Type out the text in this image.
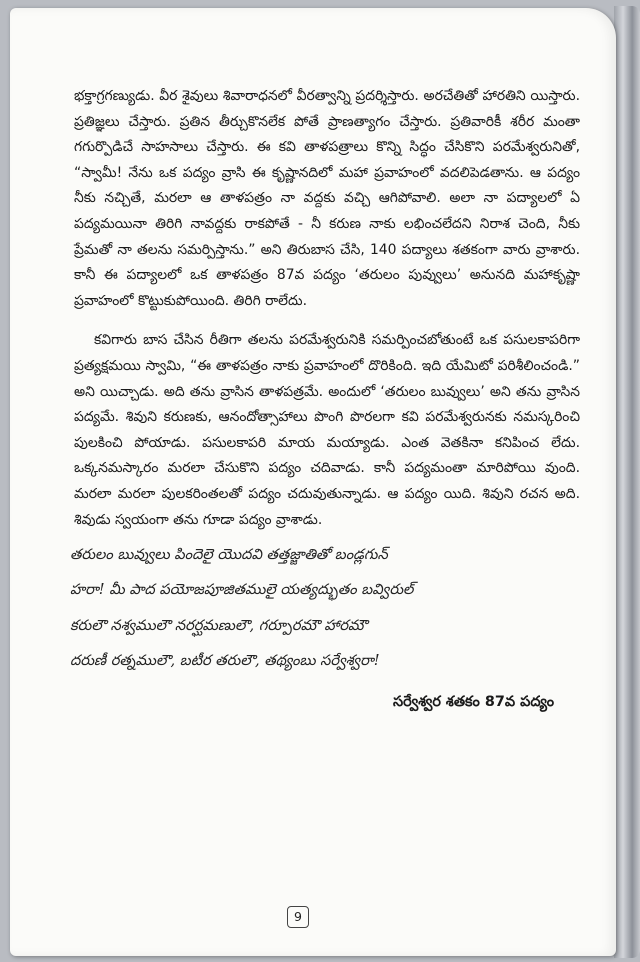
భక్తాగ్రగణ్యుడు. వీర శైవులు శివారాధనలో వీరత్వాన్ని ప్రదర్శిస్తారు. అరచేతితో హారతిని యిస్తారు. ప్రతిజ్ఞలు చేస్తారు. ప్రతిన తీర్చుకొనలేక పోతే ప్రాణత్యాగం చేస్తారు. ప్రతివారికీ శరీర మంతా గగుర్పొడిచే సాహసాలు చేస్తారు. ఈ కవి తాళపత్రాలు కొన్ని సిద్ధం చేసికొని పరమేశ్వరునితో, “స్వామీ! నేను ఒక పద్యం వ్రాసి ఈ కృష్ణానదిలో మహా ప్రవాహంలో వదలిపెడతాను. ఆ పద్యం నీకు నచ్చితే, మరలా ఆ తాళపత్రం నా వద్దకు వచ్చి ఆగిపోవాలి. అలా నా పద్యాలలో ఏ పద్యమయినా తిరిగి నావద్దకు రాకపోతే - నీ కరుణ నాకు లభించలేదని నిరాశ చెంది, నీకు ప్రేమతో నా తలను సమర్పిస్తాను.” అని తిరుబాస చేసి, 140 పద్యాలు శతకంగా వారు వ్రాశారు. కానీ ఈ పద్యాలలో ఒక తాళపత్రం 87వ పద్యం ‘తరులం పువ్వులు’ అనునది మహాకృష్ణా ప్రవాహంలో కొట్టుకుపోయింది. తిరిగి రాలేదు.

కవిగారు బాస చేసిన రీతిగా తలను పరమేశ్వరునికి సమర్పించబోతుంటే ఒక పసులకాపరిగా ప్రత్యక్షమయి స్వామి, “ఈ తాళపత్రం నాకు ప్రవాహంలో దొరికింది. ఇది యేమిటో పరిశీలించండి.” అని యిచ్చాడు. అది తను వ్రాసిన తాళపత్రమే. అందులో ‘తరులం బువ్వులు’ అని తను వ్రాసిన పద్యమే. శివుని కరుణకు, ఆనందోత్సాహాలు పొంగి పొరలగా కవి పరమేశ్వరునకు నమస్కరించి పులకించి పోయాడు. పసులకాపరి మాయ మయ్యాడు. ఎంత వెతకినా కనిపించ లేదు. ఒక్కనమస్కారం మరలా చేసుకొని పద్యం చదివాడు. కానీ పద్యమంతా మారిపోయి వుంది. మరలా మరలా పులకరింతలతో పద్యం చదువుతున్నాడు. ఆ పద్యం యిది. శివుని రచన అది. శివుడు స్వయంగా తను గూడా పద్యం వ్రాశాడు.

తరులం బువ్వులు పిందెలై యొదవి తత్తజ్జాతితో బండ్లగున్
హరా! మీ పాద పయోజపూజితములై యత్యద్భుతం బవ్విరుల్
కరులౌ నశ్వములౌ నరర్ఘమణులౌ, గర్పూరమౌ హారమౌ
దరుణీ రత్నములౌ, బటీర తరులౌ, తథ్యంబు సర్వేశ్వరా!
సర్వేశ్వర శతకం 87వ పద్యం
9
